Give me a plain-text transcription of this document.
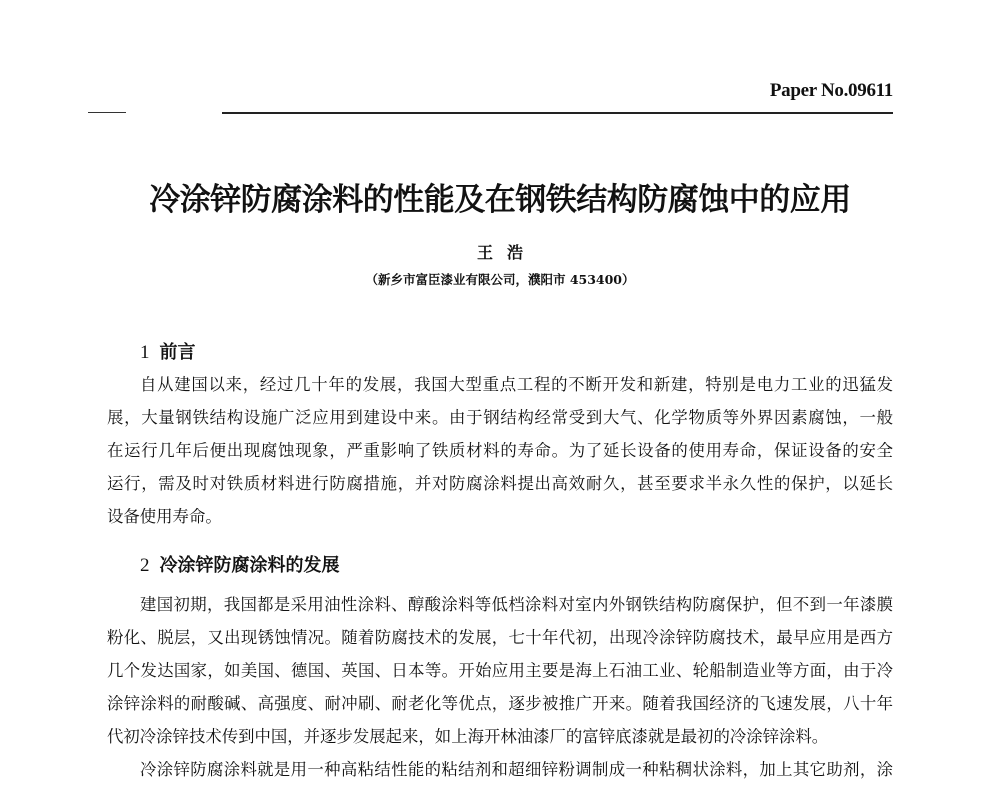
Paper No.09611
冷涂锌防腐涂料的性能及在钢铁结构防腐蚀中的应用
王浩
（新乡市富臣漆业有限公司，濮阳市 453400）
1 前言
自从建国以来，经过几十年的发展，我国大型重点工程的不断开发和新建，特别是电力工业的迅猛发
展，大量钢铁结构设施广泛应用到建设中来。由于钢结构经常受到大气、化学物质等外界因素腐蚀，一般
在运行几年后便出现腐蚀现象，严重影响了铁质材料的寿命。为了延长设备的使用寿命，保证设备的安全
运行，需及时对铁质材料进行防腐措施，并对防腐涂料提出高效耐久，甚至要求半永久性的保护，以延长
设备使用寿命。
2 冷涂锌防腐涂料的发展
建国初期，我国都是采用油性涂料、醇酸涂料等低档涂料对室内外钢铁结构防腐保护，但不到一年漆膜
粉化、脱层，又出现锈蚀情况。随着防腐技术的发展，七十年代初，出现冷涂锌防腐技术，最早应用是西方
几个发达国家，如美国、德国、英国、日本等。开始应用主要是海上石油工业、轮船制造业等方面，由于冷
涂锌涂料的耐酸碱、高强度、耐冲刷、耐老化等优点，逐步被推广开来。随着我国经济的飞速发展，八十年
代初冷涂锌技术传到中国，并逐步发展起来，如上海开林油漆厂的富锌底漆就是最初的冷涂锌涂料。
冷涂锌防腐涂料就是用一种高粘结性能的粘结剂和超细锌粉调制成一种粘稠状涂料，加上其它助剂，涂
